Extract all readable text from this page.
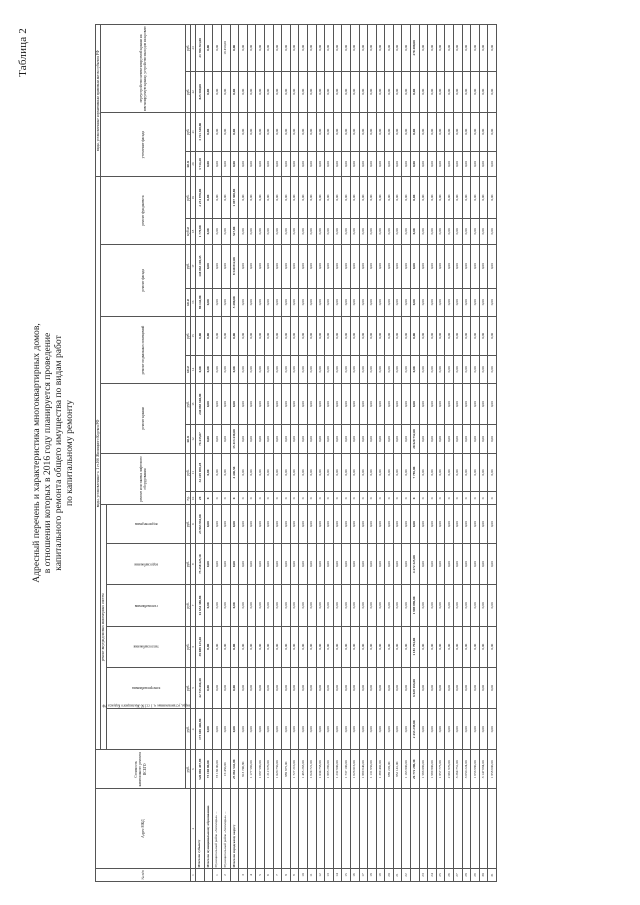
Таблица 2
Адресный перечень и характеристика многоквартирных домов, в отношении которых в 2016 году планируется проведение капитального ремонта общего имущества по видам работ по капитальному ремонту
№ п/п	Адрес МКД	Стоимость капитального ремонта ВСЕГО	виды, установленные ч. 1 ст.166 Жилищного Кодекса РФ																виды, установленные нормативным правовым актом субъекта РФ			
			ремонт внутридомовых инженерных систем						ремонт или замена лифтового оборудования		ремонт крыши		ремонт подвальных помещений		ремонт фасада		ремонт фундамента		утепление фасада		переустройство невентилируемой крыши на вентилируемую крышу, устройство выходов на кровлю	
			виды, установленные ч. 1 ст.166 Жилищного Кодекса РФ	электроснабжения	теплоснабжения	газоснабжения	водоснабжения	водоотведения														
		руб.	руб.	руб.	руб.	руб.	руб.	руб.	ед.	руб.	кв.м	руб.	кв.м	руб.	кв.м	руб.	куб.м	руб.	кв.м	руб.	руб.	руб.
1	2	3	4	5	6	7	8	9	10	11	12	13	14	15	16	17	18	19	20	21	22	23
	Итого по субъекту	520 896 497,99	173 605 460,90	42 735 466,40	39 089 125,40	61 654 380,90	75 258 425,10	23 963 961,00	29	32 419 050,28	76 435,07	240 883 660,80	0,00	0,00	90 144,80	148 863 169,45	1 779,00	2 251 970,00	3 714,20	3 721 348,00	825 500,00	21 706 563,00
	Итого по муниципальному образованию	73 160 00,00	0,00	0,00	0,00	0,00	0,00	0,00	0	0,00	0,00	0,00	0,00	0,00	0,00	0,00	0,00	0,00	0,00	0,00	0,00	0,00
1	Муниципальный район «Заполярье» ...	73 160 00,00	0,00	0,00	0,00	0,00	0,00	0,00	0	0,00	0,00	0,00	0,00	0,00	0,00	0,00	0,00	0,00	0,00	0,00	0,00	0,00
2	Муниципальный район «Заполярье» ...	16 450,00	0,00	0,00	0,00	0,00	0,00	0,00	0	0,00	0,00	0,00	0,00	0,00	0,00	0,00	0,00	0,00	0,00	0,00	0,00	16 450,00
	Итого по городскому округу	25 862 542,80	0,00	0,00	0,00	0,00	0,00	0,00	0	4 440,50	15 413 430,00	0,00	0,00	0,00	5 480,00	8 540 812,00	527,00	1 497 300,80	0,00	0,00	0,00	0,00
3		813 746,80	0,00	0,00	0,00	0,00	0,00	0,00	0	0,00	0,00	0,00	0,00	0,00	0,00	0,00	0,00	0,00	0,00	0,00	0,00	0,00
4		1 177 560,00	0,00	0,00	0,00	0,00	0,00	0,00	0	0,00	0,00	0,00	0,00	0,00	0,00	0,00	0,00	0,00	0,00	0,00	0,00	0,00
5		1 687 590,00	0,00	0,00	0,00	0,00	0,00	0,00	0	0,00	0,00	0,00	0,00	0,00	0,00	0,00	0,00	0,00	0,00	0,00	0,00	0,00
6		1 212 670,00	0,00	0,00	0,00	0,00	0,00	0,00	0	0,00	0,00	0,00	0,00	0,00	0,00	0,00	0,00	0,00	0,00	0,00	0,00	0,00
7		1 020 750,00	0,00	0,00	0,00	0,00	0,00	0,00	0	0,00	0,00	0,00	0,00	0,00	0,00	0,00	0,00	0,00	0,00	0,00	0,00	0,00
8		889 875,00	0,00	0,00	0,00	0,00	0,00	0,00	0	0,00	0,00	0,00	0,00	0,00	0,00	0,00	0,00	0,00	0,00	0,00	0,00	0,00
9		1 727 210,00	0,00	0,00	0,00	0,00	0,00	0,00	0	0,00	0,00	0,00	0,00	0,00	0,00	0,00	0,00	0,00	0,00	0,00	0,00	0,00
10		1 465 263,00	0,00	0,00	0,00	0,00	0,00	0,00	0	0,00	0,00	0,00	0,00	0,00	0,00	0,00	0,00	0,00	0,00	0,00	0,00	0,00
11		1 624 721,00	0,00	0,00	0,00	0,00	0,00	0,00	0	0,00	0,00	0,00	0,00	0,00	0,00	0,00	0,00	0,00	0,00	0,00	0,00	0,00
12		1 034 758,00	0,00	0,00	0,00	0,00	0,00	0,00	0	0,00	0,00	0,00	0,00	0,00	0,00	0,00	0,00	0,00	0,00	0,00	0,00	0,00
13		1 895 290,00	0,00	0,00	0,00	0,00	0,00	0,00	0	0,00	0,00	0,00	0,00	0,00	0,00	0,00	0,00	0,00	0,00	0,00	0,00	0,00
14		1 232 900,00	0,00	0,00	0,00	0,00	0,00	0,00	0	0,00	0,00	0,00	0,00	0,00	0,00	0,00	0,00	0,00	0,00	0,00	0,00	0,00
15		1 737 100,00	0,00	0,00	0,00	0,00	0,00	0,00	0	0,00	0,00	0,00	0,00	0,00	0,00	0,00	0,00	0,00	0,00	0,00	0,00	0,00
16		1 626 016,00	0,00	0,00	0,00	0,00	0,00	0,00	0	0,00	0,00	0,00	0,00	0,00	0,00	0,00	0,00	0,00	0,00	0,00	0,00	0,00
17		1 869 640,00	0,00	0,00	0,00	0,00	0,00	0,00	0	0,00	0,00	0,00	0,00	0,00	0,00	0,00	0,00	0,00	0,00	0,00	0,00	0,00
18		1 131 950,00	0,00	0,00	0,00	0,00	0,00	0,00	0	0,00	0,00	0,00	0,00	0,00	0,00	0,00	0,00	0,00	0,00	0,00	0,00	0,00
19		1 369 402,00	0,00	0,00	0,00	0,00	0,00	0,00	0	0,00	0,00	0,00	0,00	0,00	0,00	0,00	0,00	0,00	0,00	0,00	0,00	0,00
20		689 220,00	0,00	0,00	0,00	0,00	0,00	0,00	0	0,00	0,00	0,00	0,00	0,00	0,00	0,00	0,00	0,00	0,00	0,00	0,00	0,00
21		852 141,00	0,00	0,00	0,00	0,00	0,00	0,00	0	0,00	0,00	0,00	0,00	0,00	0,00	0,00	0,00	0,00	0,00	0,00	0,00	0,00
22		1 163 800,00	0,00	0,00	0,00	0,00	0,00	0,00	0	0,00	0,00	0,00	0,00	0,00	0,00	0,00	0,00	0,00	0,00	0,00	0,00	0,00
		26 772 290,30	2 433 239,00	6 029 166,00	1 181 794,00	1 909 896,00	4 272 325,00	0,00	0	7 785,00	20 620 752,00	0,00	0,00	0,00	0,00	0,00	0,00	0,00	0,00	0,00	0,00	270 480,00
23		1 566 090,00	0,00	0,00	0,00	0,00	0,00	0,00	0	0,00	0,00	0,00	0,00	0,00	0,00	0,00	0,00	0,00	0,00	0,00	0,00	0,00
24		1 969 800,00	0,00	0,00	0,00	0,00	0,00	0,00	0	0,00	0,00	0,00	0,00	0,00	0,00	0,00	0,00	0,00	0,00	0,00	0,00	0,00
25		1 857 775,00	0,00	0,00	0,00	0,00	0,00	0,00	0	0,00	0,00	0,00	0,00	0,00	0,00	0,00	0,00	0,00	0,00	0,00	0,00	0,00
26		2 061 970,00	0,00	0,00	0,00	0,00	0,00	0,00	0	0,00	0,00	0,00	0,00	0,00	0,00	0,00	0,00	0,00	0,00	0,00	0,00	0,00
27		3 264 751,00	0,00	0,00	0,00	0,00	0,00	0,00	0	0,00	0,00	0,00	0,00	0,00	0,00	0,00	0,00	0,00	0,00	0,00	0,00	0,00
28		3 650 224,00	0,00	0,00	0,00	0,00	0,00	0,00	0	0,00	0,00	0,00	0,00	0,00	0,00	0,00	0,00	0,00	0,00	0,00	0,00	0,00
29		1 656 980,00	0,00	0,00	0,00	0,00	0,00	0,00	0	0,00	0,00	0,00	0,00	0,00	0,00	0,00	0,00	0,00	0,00	0,00	0,00	0,00
30		3 147 694,00	0,00	0,00	0,00	0,00	0,00	0,00	0	0,00	0,00	0,00	0,00	0,00	0,00	0,00	0,00	0,00	0,00	0,00	0,00	0,00
31		1 858 600,00	0,00	0,00	0,00	0,00	0,00	0,00	0	0,00	0,00	0,00	0,00	0,00	0,00	0,00	0,00	0,00	0,00	0,00	0,00	0,00
